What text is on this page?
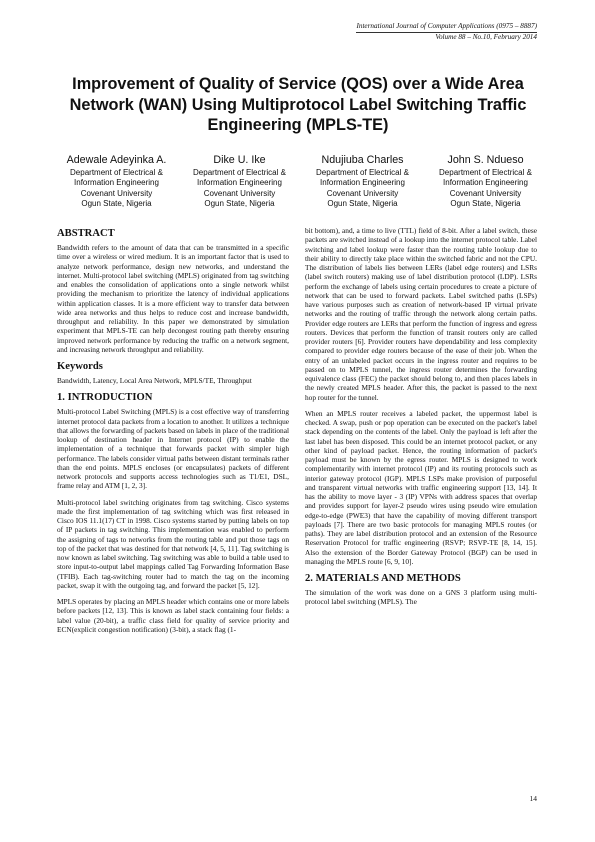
International Journal of Computer Applications (0975 – 8887)
Volume 88 – No.10, February 2014
Improvement of Quality of Service (QOS) over a Wide Area Network (WAN) Using Multiprotocol Label Switching Traffic Engineering (MPLS-TE)
Adewale Adeyinka A.
Department of Electrical &
Information Engineering
Covenant University
Ogun State, Nigeria
Dike U. Ike
Department of Electrical &
Information Engineering
Covenant University
Ogun State, Nigeria
Ndujiuba Charles
Department of Electrical &
Information Engineering
Covenant University
Ogun State, Nigeria
John S. Ndueso
Department of Electrical &
Information Engineering
Covenant University
Ogun State, Nigeria
ABSTRACT

Bandwidth refers to the amount of data that can be transmitted in a specific time over a wireless or wired medium. It is an important factor that is used to analyze network performance, design new networks, and understand the internet. Multi-protocol label switching (MPLS) originated from tag switching and enables the consolidation of applications onto a single network whilst providing the mechanism to prioritize the latency of individual applications within application classes. It is a more efficient way to transfer data between wide area networks and thus helps to reduce cost and increase bandwidth, throughput and reliability. In this paper we demonstrated by simulation experiment that MPLS-TE can help decongest routing path thereby ensuring improved network performance by reducing the traffic on a network segment, and increasing network throughput and reliability.

Keywords

Bandwidth, Latency, Local Area Network, MPLS/TE, Throughput

1. INTRODUCTION

Multi-protocol Label Switching (MPLS) is a cost effective way of transferring internet protocol data packets from a location to another. It utilizes a technique that allows the forwarding of packets based on labels in place of the traditional lookup of destination header in Internet protocol (IP) to enable the implementation of a technique that forwards packet with simpler high performance. The labels consider virtual paths between distant terminals rather than the end points. MPLS encloses (or encapsulates) packets of different network protocols and supports access technologies such as T1/E1, DSL, frame relay and ATM [1, 2, 3].

Multi-protocol label switching originates from tag switching. Cisco systems made the first implementation of tag switching which was first released in Cisco IOS 11.1(17) CT in 1998. Cisco systems started by putting labels on top of IP packets in tag switching. This implementation was enabled to perform the assigning of tags to networks from the routing table and put those tags on top of the packet that was destined for that network [4, 5, 11]. Tag switching is now known as label switching. Tag switching was able to build a table used to store input-to-output label mappings called Tag Forwarding Information Base (TFIB). Each tag-switching router had to match the tag on the incoming packet, swap it with the outgoing tag, and forward the packet [5, 12].

MPLS operates by placing an MPLS header which contains one or more labels before packets [12, 13]. This is known as label stack containing four fields: a label value (20-bit), a traffic class field for quality of service priority and ECN(explicit congestion notification) (3-bit), a stack flag (1-

bit bottom), and, a time to live (TTL) field of 8-bit. After a label switch, these packets are switched instead of a lookup into the internet protocol table. Label switching and label lookup were faster than the routing table lookup due to their ability to directly take place within the switched fabric and not the CPU. The distribution of labels lies between LERs (label edge routers) and LSRs (label switch routers) making use of label distribution protocol (LDP). LSRs perform the exchange of labels using certain procedures to create a picture of network that can be used to forward packets. Label switched paths (LSPs) have various purposes such as creation of network-based IP virtual private networks and the routing of traffic through the network along certain paths. Provider edge routers are LERs that perform the function of ingress and egress routers. Devices that perform the function of transit routers only are called provider routers [6]. Provider routers have dependability and less complexity compared to provider edge routers because of the ease of their job. When the entry of an unlabeled packet occurs in the ingress router and requires to be passed on to MPLS tunnel, the ingress router determines the forwarding equivalence class (FEC) the packet should belong to, and then places labels in the newly created MPLS header. After this, the packet is passed to the next hop router for the tunnel.

When an MPLS router receives a labeled packet, the uppermost label is checked. A swap, push or pop operation can be executed on the packet's label stack depending on the contents of the label. Only the payload is left after the last label has been disposed. This could be an internet protocol packet, or any other kind of payload packet. Hence, the routing information of packet's payload must be known by the egress router. MPLS is designed to work complementarily with internet protocol (IP) and its routing protocols such as interior gateway protocol (IGP). MPLS LSPs make provision of purposeful and transparent virtual networks with traffic engineering support [13, 14]. It has the ability to move layer - 3 (IP) VPNs with address spaces that overlap and provides support for layer-2 pseudo wires using pseudo wire emulation edge-to-edge (PWE3) that have the capability of moving different transport payloads [7]. There are two basic protocols for managing MPLS routes (or paths). They are label distribution protocol and an extension of the Resource Reservation Protocol for traffic engineering (RSVP; RSVP-TE [8, 14, 15]. Also the extension of the Border Gateway Protocol (BGP) can be used in managing the MPLS route [6, 9, 10].

2. MATERIALS AND METHODS

The simulation of the work was done on a GNS 3 platform using multi-protocol label switching (MPLS). The

14
